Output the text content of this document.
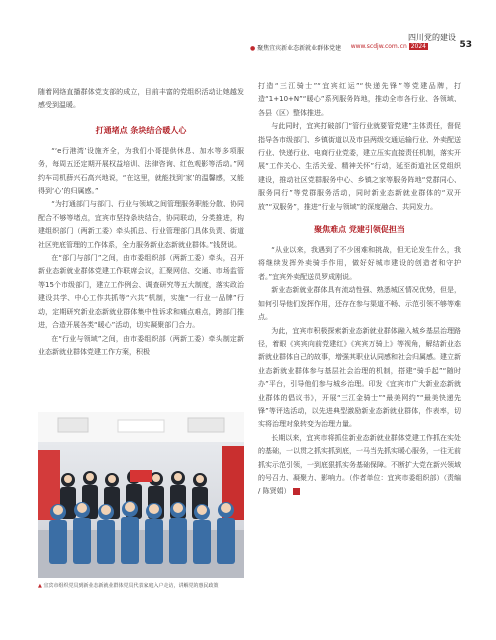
四川党的建设
● 聚焦宜宾新业态新就业群体党建 www.scdjw.com.cn 2024	53

随着网络直播群体党支部的成立，目前丰富的党组织活动让她越发感受到温暖。

打通堵点 条块结合暖人心

“‘e行港湾’设施齐全，为我们小哥提供休息、加水等多项服务，每周五还定期开展权益培训、法律咨询、红色观影等活动。”网约车司机薛兴石高兴地说，“在这里，就能找到‘家’的温馨感，又能得到‘心’的归属感。”

“为打通部门与部门、行业与领域之间管理服务职能分散、协同配合不够等堵点，宜宾市坚持条块结合，协同联动，分类推进，构建组织部门（两新工委）牵头抓总、行业管理部门具体负责、街道社区兜底管理的工作体系，全力服务新业态新就业群体。”钱贤说。

在“部门与部门”之间，由市委组织部（两新工委）牵头，召开新业态新就业群体党建工作联席会议，汇聚网信、交通、市场监管等15个市级部门，建立工作例会、调查研究等五大制度，落实政治建设共学、中心工作共抓等“六共”机制，实施“一行业一品牌”行动，定期研究新业态新就业群体集中性诉求和痛点难点，跨部门推进，合造开展各类“暖心”活动，切实凝聚部门合力。

在“行业与领域”之间，由市委组织部（两新工委）牵头制定新业态新就业群体党建工作方案，积极

▲ 宜宾市组织党员到新业态新就业群体党员代表家庭入户走访，讲解党的惠民政策

打造“三江骑士”“宜宾红运”“快递先锋”等党建品牌，打造“1+10+N”“暖心”系列服务阵地，推动全市各行业、各领域、各县（区）整体推进。

与此同时，宜宾打破部门“管行业就要管党建”主体责任，督促指导各市级部门、乡镇街道以及市县两级交通运输行业、外卖配送行业、快递行业、电商行业党委，建立压实直接责任机制，落实开展“工作关心、生活关爱、精神关怀”行动，延至街道社区党组织建设，推动社区党群服务中心、乡镇之家等服务阵地“党群同心、服务同行”等党群服务活动，同时新业态新就业群体的“双开放”“双服务”，推进“行业与领域”的深度融合、共同发力。

聚焦难点 党建引领促担当

“从业以来，我遇到了不少困难和挑战，但无论发生什么，我将继续发挥外卖骑手作用，做好好城市建设的创造者和守护者。”宜宾外卖配送员罗成刚说。

新业态新就业群体具有流动性强、熟悉城区情况优势，但是，如何引导他们发挥作用，还存在参与渠道不畅、示范引领不够等难点。

为此，宜宾市积极探索新业态新就业群体融入城乡基层治理路径，着眼《宾宾向前党建红》《宾宾万骑上》等视角，解结新业态新就业群体自己的故事，增强其职业认同感和社会归属感。建立新业态新就业群体参与基层社会治理的机制，搭建“骑手起”“随时办”平台，引导他们参与城乡治理。印发《宜宾市广大新业态新就业群体的倡议书》，开展“三江金骑士”“最美网约”“最美快递先锋”等评选活动，以先进典型激励新业态新就业群体，作表率，切实将治理对象转变为治理力量。

长期以来，宜宾市将抓住新业态新就业群体党建工作抓在实处的基础，一以贯之抓实抓到底，一马当先抓实暖心服务，一往无前抓实示范引领，一到底狠抓实务基础保障。不断扩大党在新兴领域的号召力、凝聚力、影响力。（作者单位：宜宾市委组织部）（责编 / 陈贤娟）
